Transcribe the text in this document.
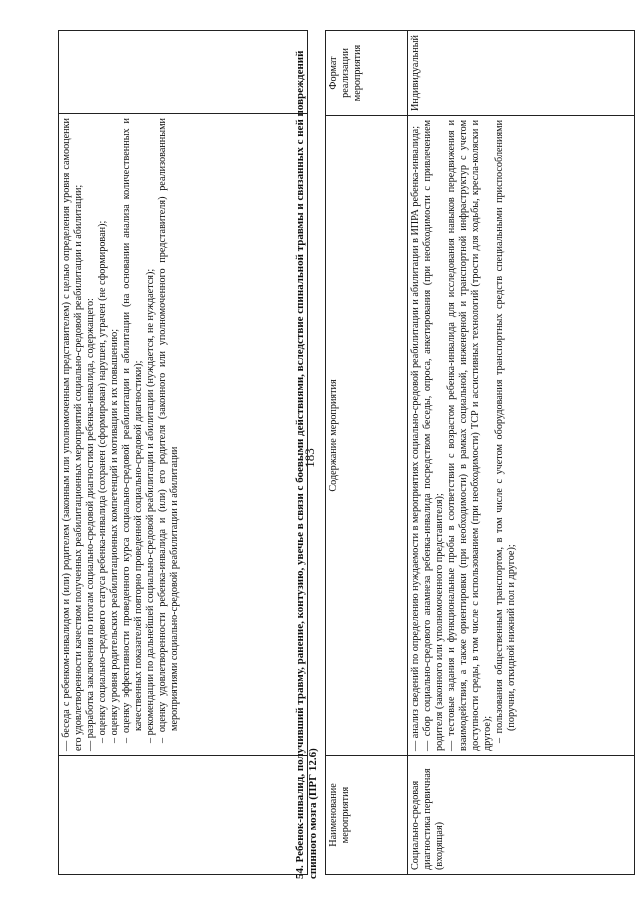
183

— беседа с ребенком-инвалидом и (или) родителем (законным или уполномоченным представителем) с целью определения уровня самооценки его удовлетворенности качеством полученных реабилитационных мероприятий социально-средовой реабилитации и абилитации; — разработка заключения по итогам социально-средовой диагностики ребенка-инвалида, содержащего: – оценку социально-средового статуса ребенка-инвалида (сохранен (сформирован) нарушен, утрачен (не сформирован); – оценку уровня родительских реабилитационных компетенций и мотивации к их повышению; – оценку эффективности проведенного курса социально-средовой реабилитации и абилитации (на основании анализа количественных и качественных показателей повторно проведенной социально-средовой диагностики); – рекомендации по дальнейшей социально-средовой реабилитации и абилитации (нуждается, не нуждается); – оценку удовлетворенности ребенка-инвалида и (или) его родителя (законного или уполномоченного представителя) реализованными мероприятиями социально-средовой реабилитации и абилитации

		54. Ребенок-инвалид, получивший травму, ранение, контузию, увечье в связи с боевыми действиями, вследствие спинальной травмы и связанных с ней повреждений спинного мозга (ПРГ 12.6) Наименование мероприятия	Содержание мероприятия	Формат реализации мероприятия
Социально-средовая диагностика первичная (входящая)	— анализ сведений по определению нуждаемости в мероприятиях социально-средовой реабилитации и абилитации в ИПРА ребенка-инвалида; — сбор социально-средового анамнеза ребенка-инвалида посредством беседы, опроса, анкетирования (при необходимости с привлечением родителя (законного или уполномоченного представителя); — тестовые задания и функциональные пробы в соответствии с возрастом ребенка-инвалида для исследования навыков передвижения и взаимодействия, а также ориентировки (при необходимости) в рамках социальной, инженерной и транспортной инфраструктур с учетом доступности среды, в том числе с использованием (при необходимости) ТСР и ассистивных технологий (трости для ходьбы, кресла-коляски и другое); – пользования общественным транспортом, в том числе с учетом оборудования транспортных средств специальными приспособлениями (поручни, откидной нижний пол и другое);	Индивидуальный
